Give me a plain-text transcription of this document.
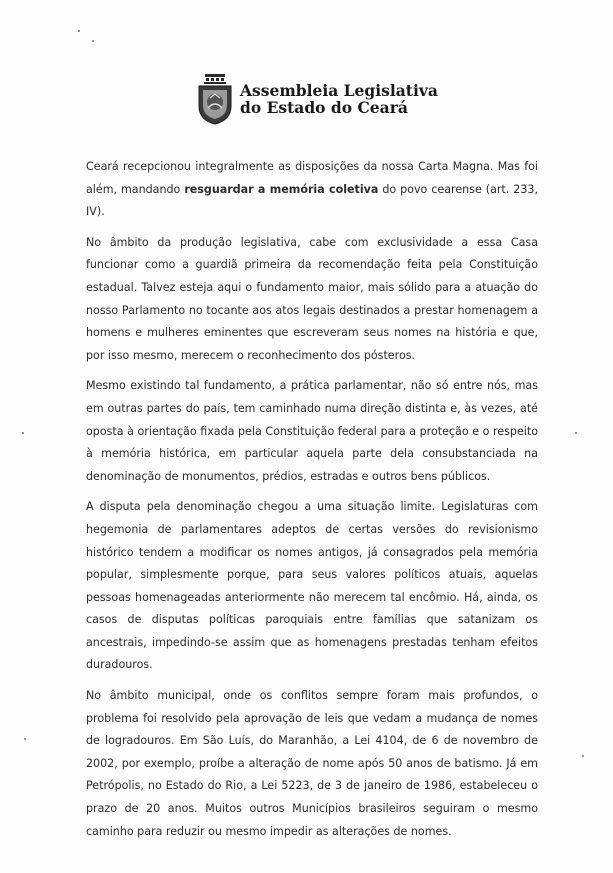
Assembleia Legislativa
do Estado do Ceará

Ceará recepcionou integralmente as disposições da nossa Carta Magna. Mas foi além, mandando resguardar a memória coletiva do povo cearense (art. 233, IV).

No âmbito da produção legislativa, cabe com exclusividade a essa Casa funcionar como a guardiã primeira da recomendação feita pela Constituição estadual. Talvez esteja aqui o fundamento maior, mais sólido para a atuação do nosso Parlamento no tocante aos atos legais destinados a prestar homenagem a homens e mulheres eminentes que escreveram seus nomes na história e que, por isso mesmo, merecem o reconhecimento dos pósteros.

Mesmo existindo tal fundamento, a prática parlamentar, não só entre nós, mas em outras partes do país, tem caminhado numa direção distinta e, às vezes, até oposta à orientação fixada pela Constituição federal para a proteção e o respeito à memória histórica, em particular aquela parte dela consubstanciada na denominação de monumentos, prédios, estradas e outros bens públicos.

A disputa pela denominação chegou a uma situação limite. Legislaturas com hegemonia de parlamentares adeptos de certas versões do revisionismo histórico tendem a modificar os nomes antigos, já consagrados pela memória popular, simplesmente porque, para seus valores políticos atuais, aquelas pessoas homenageadas anteriormente não merecem tal encômio. Há, ainda, os casos de disputas políticas paroquiais entre famílias que satanizam os ancestrais, impedindo-se assim que as homenagens prestadas tenham efeitos duradouros.

No âmbito municipal, onde os conflitos sempre foram mais profundos, o problema foi resolvido pela aprovação de leis que vedam a mudança de nomes de logradouros. Em São Luís, do Maranhão, a Lei 4104, de 6 de novembro de 2002, por exemplo, proíbe a alteração de nome após 50 anos de batismo. Já em Petrópolis, no Estado do Rio, a Lei 5223, de 3 de janeiro de 1986, estabeleceu o prazo de 20 anos. Muitos outros Municípios brasileiros seguiram o mesmo caminho para reduzir ou mesmo impedir as alterações de nomes.
